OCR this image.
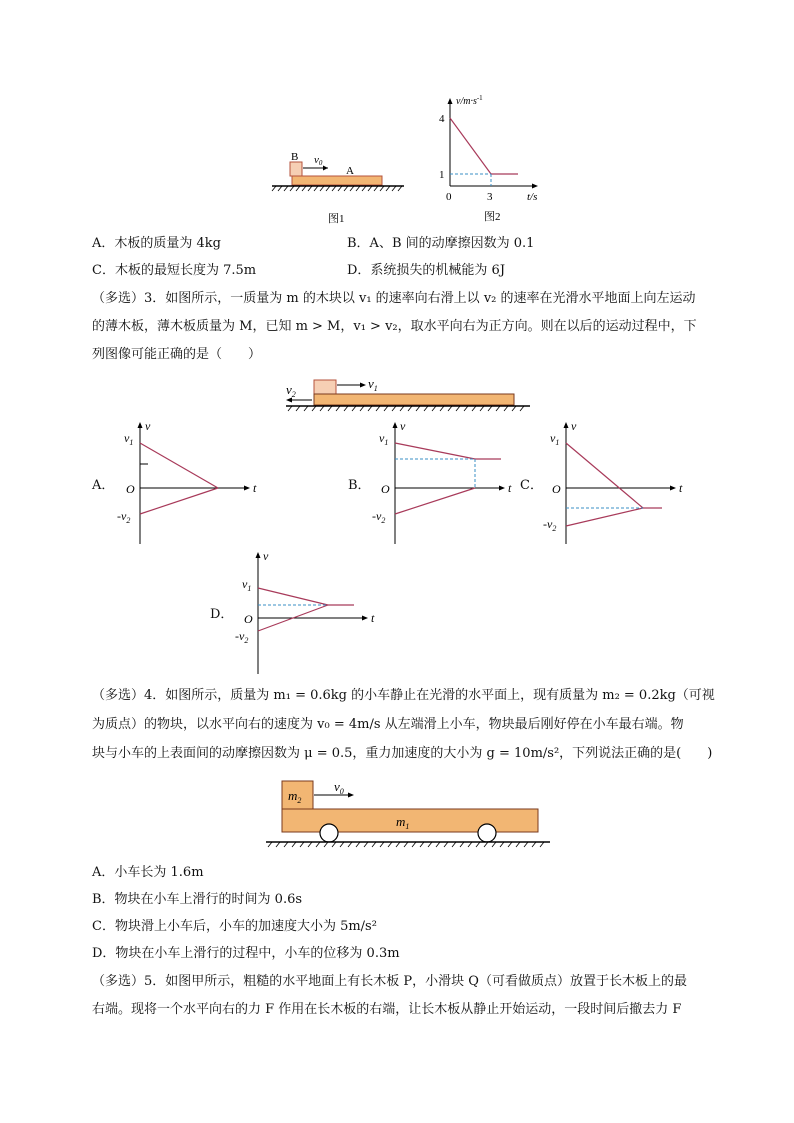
B
A
v0
图1
$v/m\cdot s^{-1}$
4
1
0	3	t/s
图2
A．木板的质量为 4kg	B．A、B 间的动摩擦因数为 0.1
C．木板的最短长度为 7.5m	D．系统损失的机械能为 6J
（多选）3．如图所示，一质量为 m 的木块以 v₁ 的速率向右滑上以 v₂ 的速率在光滑水平地面上向左运动
的薄木板，薄木板质量为 M，已知 m > M，v₁ > v₂，取水平向右为正方向。则在以后的运动过程中，下
列图像可能正确的是（　　）
$v_1$
$v_2$
A．
v
t
O
$v_1$
$-v_2$
B．
v
t
O
$v_1$
$-v_2$
C．
v
t
O
$v_1$
$-v_2$
D．
v
t
O
$v_1$
$-v_2$
（多选）4．如图所示，质量为 m₁ = 0.6kg 的小车静止在光滑的水平面上，现有质量为 m₂ = 0.2kg（可视
为质点）的物块，以水平向右的速度为 v₀ = 4m/s 从左端滑上小车，物块最后刚好停在小车最右端。物
块与小车的上表面间的动摩擦因数为 μ = 0.5，重力加速度的大小为 g = 10m/s²，下列说法正确的是(　　)
$m_2$
$m_1$
$v_0$
A．小车长为 1.6m
B．物块在小车上滑行的时间为 0.6s
C．物块滑上小车后，小车的加速度大小为 5m/s²
D．物块在小车上滑行的过程中，小车的位移为 0.3m
（多选）5．如图甲所示，粗糙的水平地面上有长木板 P，小滑块 Q（可看做质点）放置于长木板上的最
右端。现将一个水平向右的力 F 作用在长木板的右端，让长木板从静止开始运动，一段时间后撤去力 F
